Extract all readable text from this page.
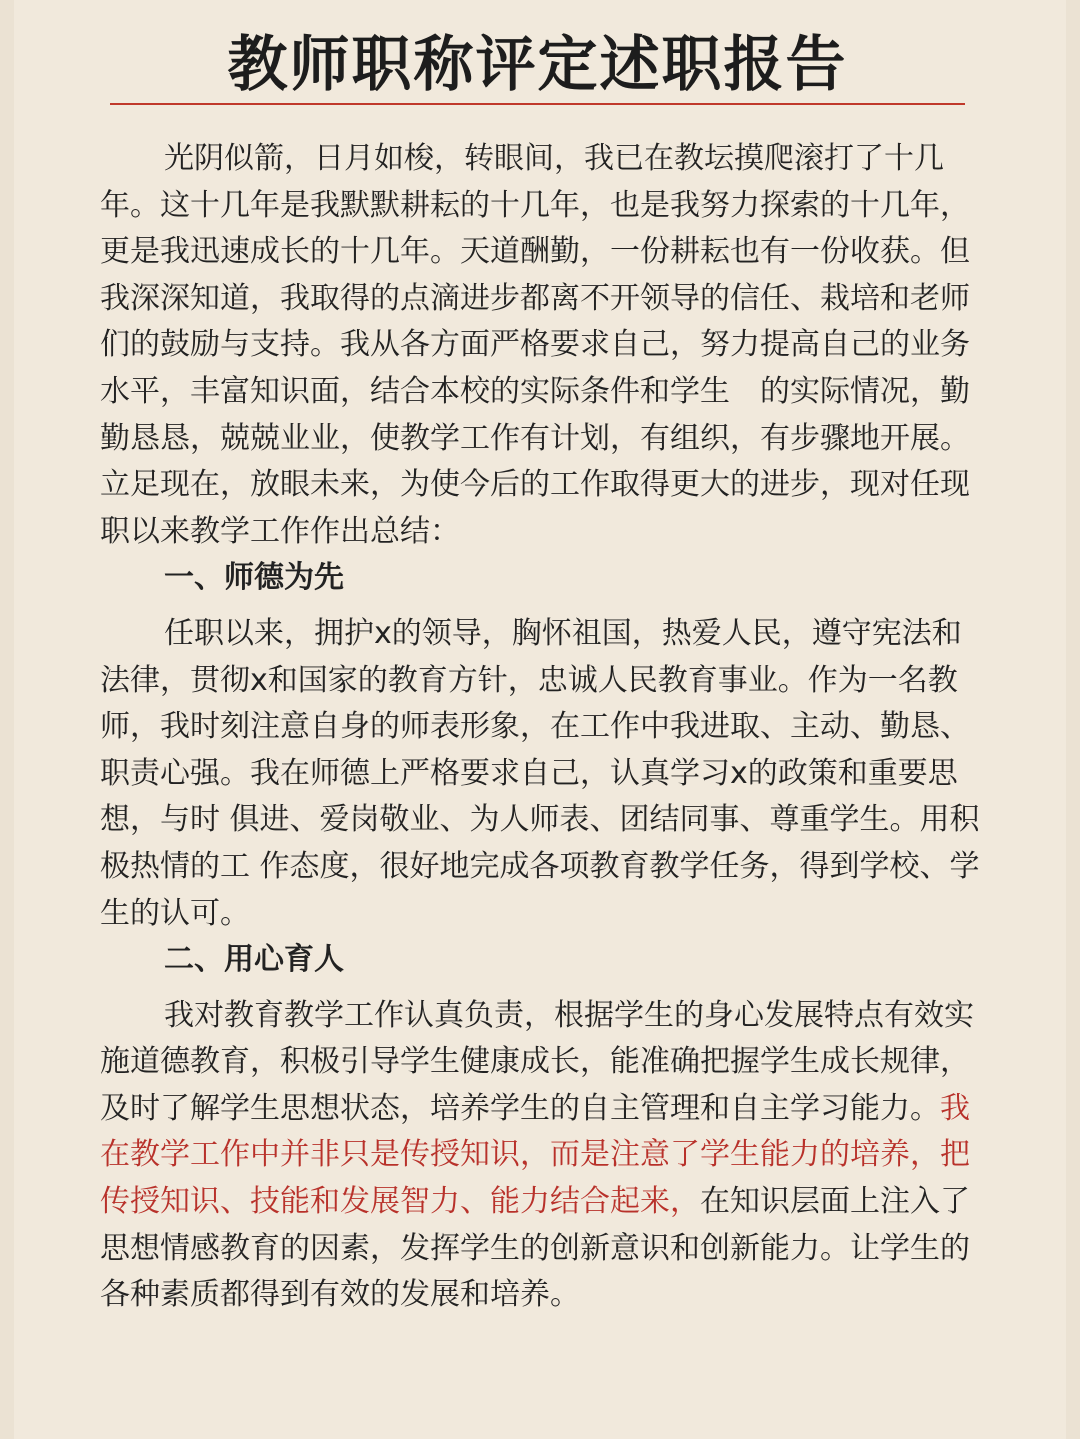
教师职称评定述职报告

光阴似箭，日月如梭，转眼间，我已在教坛摸爬滚打了十几年。这十几年是我默默耕耘的十几年，也是我努力探索的十几年，更是我迅速成长的十几年。天道酬勤，一份耕耘也有一份收获。但我深深知道，我取得的点滴进步都离不开领导的信任、栽培和老师们的鼓励与支持。我从各方面严格要求自己，努力提高自己的业务水平，丰富知识面，结合本校的实际条件和学生　的实际情况，勤勤恳恳，兢兢业业，使教学工作有计划，有组织，有步骤地开展。立足现在，放眼未来，为使今后的工作取得更大的进步，现对任现职以来教学工作作出总结：

一、师德为先

任职以来，拥护x的领导，胸怀祖国，热爱人民，遵守宪法和法律，贯彻x和国家的教育方针，忠诚人民教育事业。作为一名教师，我时刻注意自身的师表形象，在工作中我进取、主动、勤恳、职责心强。我在师德上严格要求自己，认真学习x的政策和重要思想，与时 俱进、爱岗敬业、为人师表、团结同事、尊重学生。用积极热情的工 作态度，很好地完成各项教育教学任务，得到学校、学生的认可。

二、用心育人

我对教育教学工作认真负责，根据学生的身心发展特点有效实施道德教育，积极引导学生健康成长，能准确把握学生成长规律，及时了解学生思想状态，培养学生的自主管理和自主学习能力。我在教学工作中并非只是传授知识，而是注意了学生能力的培养，把传授知识、技能和发展智力、能力结合起来，在知识层面上注入了思想情感教育的因素，发挥学生的创新意识和创新能力。让学生的各种素质都得到有效的发展和培养。
